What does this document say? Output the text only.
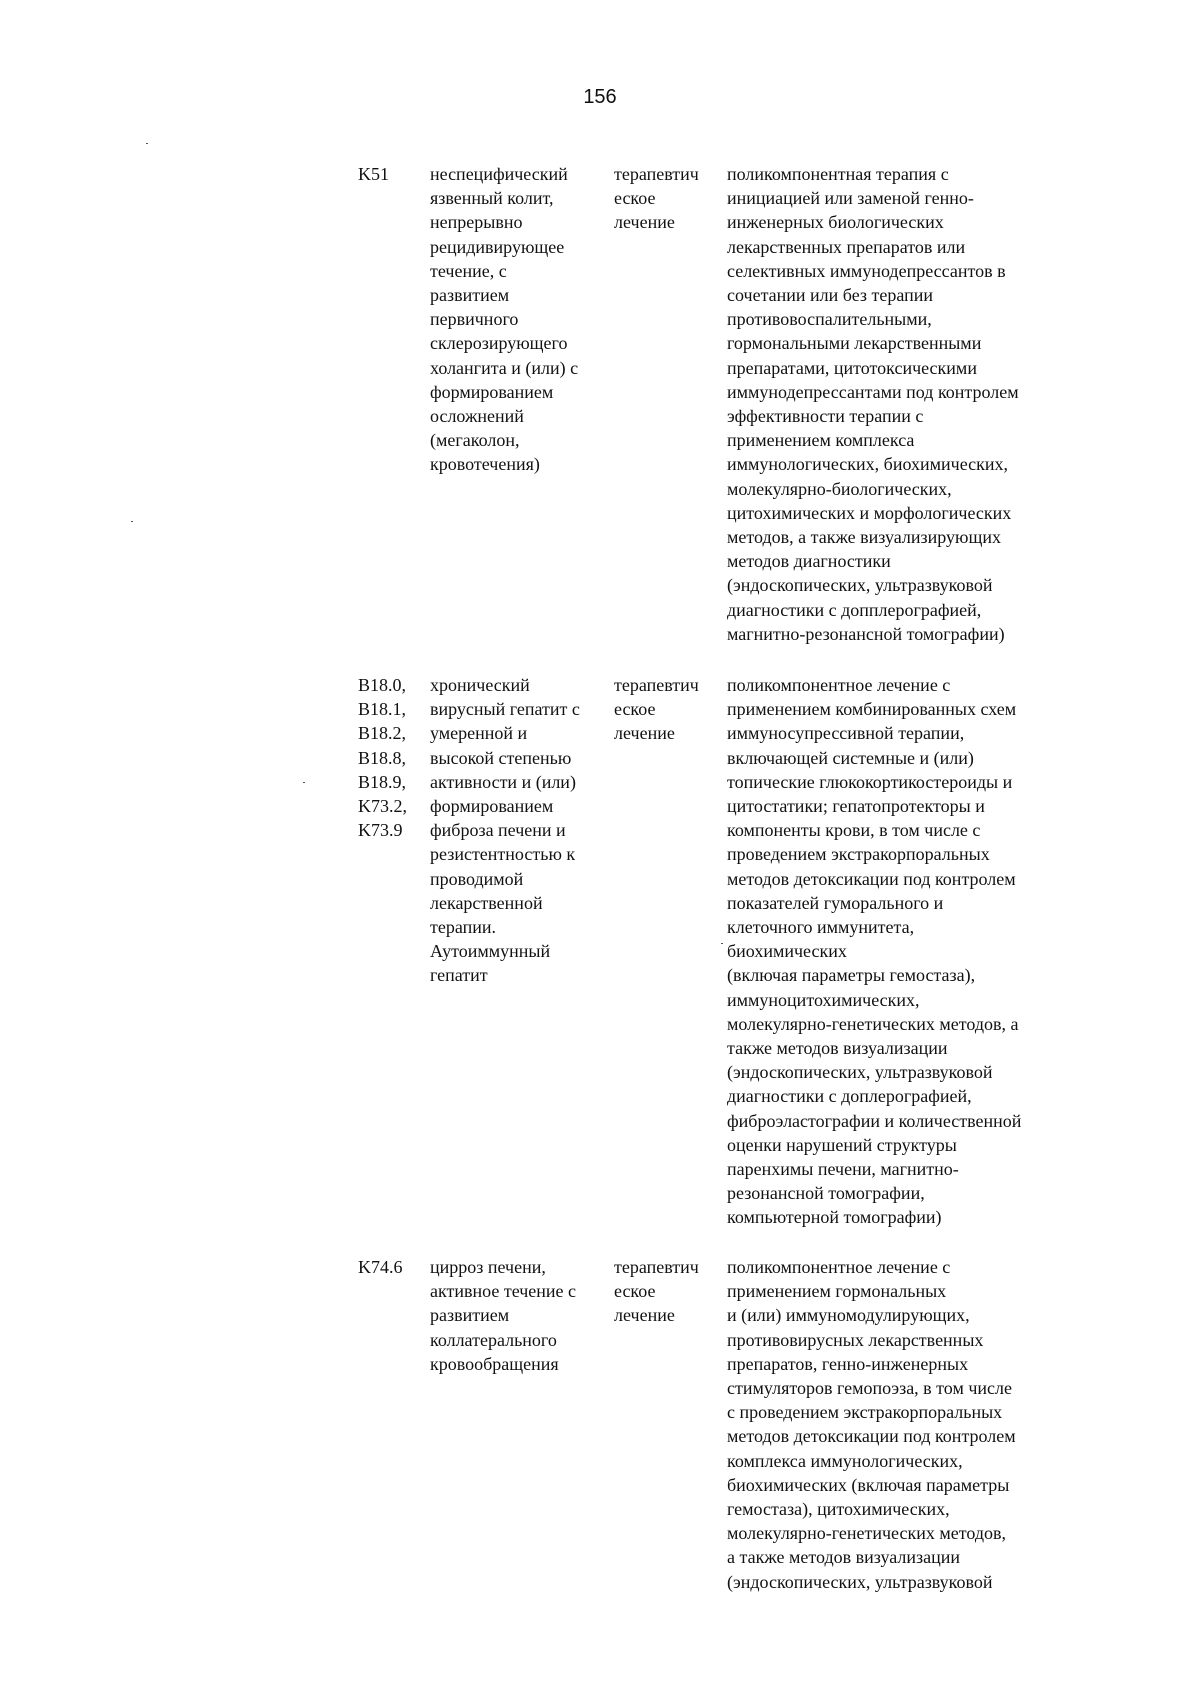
156
K51	неспецифический
язвенный колит,
непрерывно
рецидивирующее
течение, с
развитием
первичного
склерозирующего
холангита и (или) с
формированием
осложнений
(мегаколон,
кровотечения)
терапевтич
еское
лечение
поликомпонентная терапия с
инициацией или заменой генно-
инженерных биологических
лекарственных препаратов или
селективных иммунодепрессантов в
сочетании или без терапии
противовоспалительными,
гормональными лекарственными
препаратами, цитотоксическими
иммунодепрессантами под контролем
эффективности терапии с
применением комплекса
иммунологических, биохимических,
молекулярно-биологических,
цитохимических и морфологических
методов, а также визуализирующих
методов диагностики
(эндоскопических, ультразвуковой
диагностики с допплерографией,
магнитно-резонансной томографии)
B18.0,
B18.1,
B18.2,
B18.8,
B18.9,
K73.2,
K73.9
хронический
вирусный гепатит с
умеренной и
высокой степенью
активности и (или)
формированием
фиброза печени и
резистентностью к
проводимой
лекарственной
терапии.
Аутоиммунный
гепатит
терапевтич
еское
лечение
поликомпонентное лечение с
применением комбинированных схем
иммуносупрессивной терапии,
включающей системные и (или)
топические глюкокортикостероиды и
цитостатики; гепатопротекторы и
компоненты крови, в том числе с
проведением экстракорпоральных
методов детоксикации под контролем
показателей гуморального и
клеточного иммунитета,
биохимических
(включая параметры гемостаза),
иммуноцитохимических,
молекулярно-генетических методов, а
также методов визуализации
(эндоскопических, ультразвуковой
диагностики с доплерографией,
фиброэластографии и количественной
оценки нарушений структуры
паренхимы печени, магнитно-
резонансной томографии,
компьютерной томографии)
K74.6	цирроз печени,
активное течение с
развитием
коллатерального
кровообращения
терапевтич
еское
лечение
поликомпонентное лечение с
применением гормональных
и (или) иммуномодулирующих,
противовирусных лекарственных
препаратов, генно-инженерных
стимуляторов гемопоэза, в том числе
с проведением экстракорпоральных
методов детоксикации под контролем
комплекса иммунологических,
биохимических (включая параметры
гемостаза), цитохимических,
молекулярно-генетических методов,
а также методов визуализации
(эндоскопических, ультразвуковой
